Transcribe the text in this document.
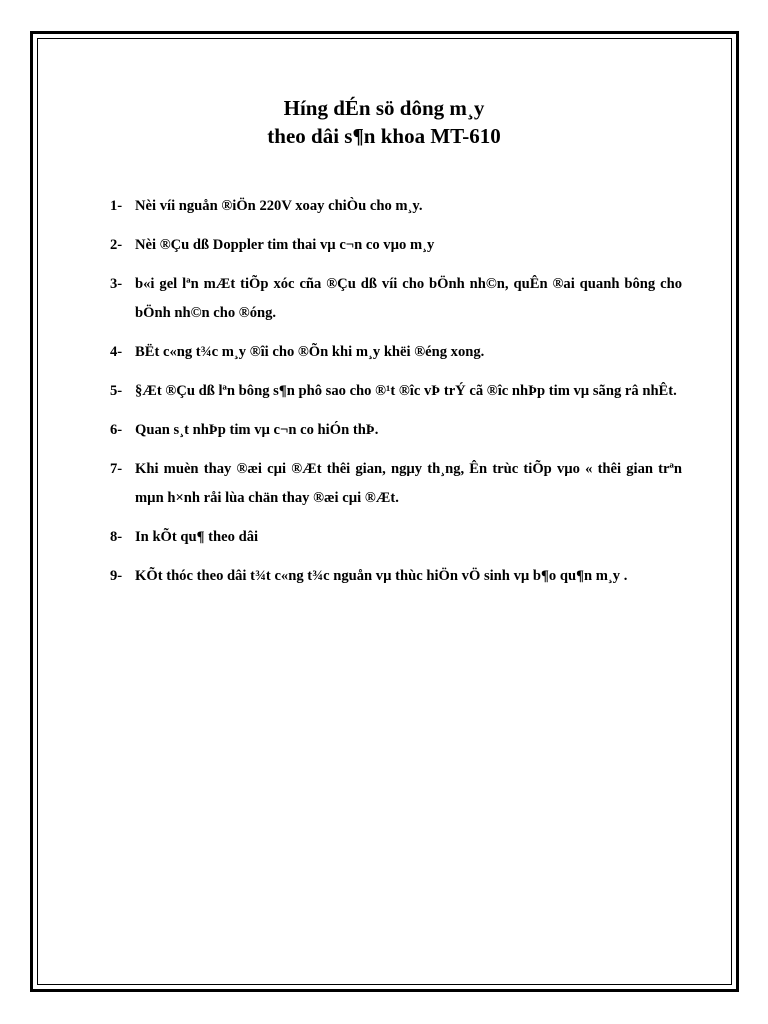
Híng dÉn sö dông m¸y
theo dâi s¶n khoa MT-610
1- Nèi víi nguån ®iÖn 220V xoay chiÒu cho m¸y.
2- Nèi ®Çu dß Doppler tim thai vµ c¬n co vµo m¸y
3- b«i gel lªn mÆt tiÕp xóc cña ®Çu dß víi cho bÖnh nh©n, quÊn ®ai quanh bông cho bÖnh nh©n cho ®óng.
4- BËt c«ng t¾c m¸y ®îi cho ®Õn khi m¸y khëi ®éng xong.
5- §Æt ®Çu dß lªn bông s¶n phô sao cho ®¹t ®îc vÞ trÝ cã ®îc nhÞp tim vµ sãng râ nhÊt.
6- Quan s¸t nhÞp tim vµ c¬n co hiÓn thÞ.
7- Khi muèn thay ®æi cµi ®Æt thêi gian, ngµy th¸ng, Ên trùc tiÕp vµo « thêi gian trªn mµn h×nh råi lùa chän thay ®æi cµi ®Æt.
8- In kÕt qu¶ theo dâi
9- KÕt thóc theo dâi t¾t c«ng t¾c nguån vµ thùc hiÖn vÖ sinh vµ b¶o qu¶n m¸y .
